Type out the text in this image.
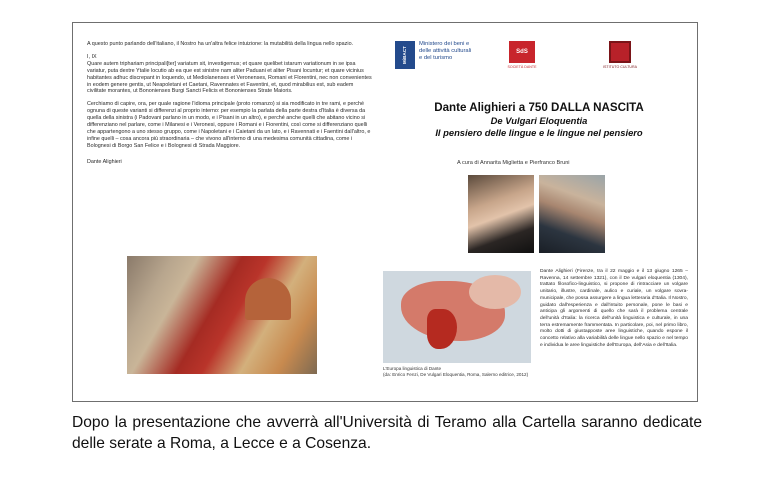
A questo punto parlando dell'italiano, il Nostro ha un'altra felice intuizione: la mutabilità della lingua nello spazio.

I, IX

Quare autem triphariam principali[ter] variatum sit, investigemus; et quare quelibet istarum variationum in se ipsa variatur, puta dextre Ytalie locutio ab ea que est sinistre nam aliter Paduani et aliter Pisani locuntur; et quare vicinius habitantes adhuc discrepant in loquendo, ut Mediolanenses et Veronenses, Romani et Florentini, nec non convenientes in eodem genere gentis, ut Neapoletani et Caetani, Ravennates et Faventini, et, quod mirabilius est, sub eadem civilitate morantes, ut Bononienses Burgi Sancti Felicis et Bononienses Strate Maioris.

Cerchiamo di capire, ora, per quale ragione l'idioma principale (proto romanzo) si sia modificato in tre rami, e perché ognuna di queste varianti si differenzi al proprio interno: per esempio la parlata della parte destra d'Italia è diversa da quella della sinistra (i Padovani parlano in un modo, e i Pisani in un altro), e perché anche quelli che abitano vicino si differenziano nel parlare, come i Milanesi e i Veronesi, oppure i Romani e i Fiorentini, così come si differenziano quelli che appartengono a uno stesso gruppo, come i Napoletani e i Caietani da un lato, e i Ravennati e i Faentini dall'altro, e infine quelli – cosa ancora più straordinaria – che vivono all'interno di una medesima comunità cittadina, come i Bolognesi di Borgo San Felice e i Bolognesi di Strada Maggiore.

Dante Alighieri

MiBACT
Ministero dei beni e delle attività culturali e del turismo
SdS
SOCIETÀ DANTE	ISTITUTO CULTURA
Dante Alighieri a 750 DALLA NASCITA
De Vulgari Eloquentia
Il pensiero delle lingue e le lingue nel pensiero
A cura di Annarita Miglietta e Pierfranco Bruni
L'Europa linguistica di Dante
(da: Enrico Fenzi, De Vulgari Eloquentia, Roma, Salerno editrice, 2012)
Dante Alighieri (Firenze, tra il 22 maggio e il 13 giugno 1265 – Ravenna, 14 settembre 1321), con il De vulgari eloquentia (1304), trattato filosofico-linguistico, si propone di rintracciare un volgare unitario, illustre, cardinale, aulico e curiale, un volgare sovra-municipale, che possa assurgere a lingua letteraria d'Italia. Il Nostro, guidato dall'esperienza e dall'intuito personale, pone le basi e anticipa gli argomenti di quello che sarà il problema centrale dell'unità d'Italia: la ricerca dell'unità linguistica e culturale, in una terra estremamente frammentata. In particolare, poi, nel primo libro, molto dotti di giustapposte aree linguistiche, quando espone il concetto relativo alla variabilità delle lingue nello spazio e nel tempo e individua le aree linguistiche dell'Europa, dell'Asia e dell'Italia.
Dopo la presentazione che avverrà all'Università di Teramo alla Cartella saranno dedicate delle serate a Roma, a Lecce e a Cosenza.
